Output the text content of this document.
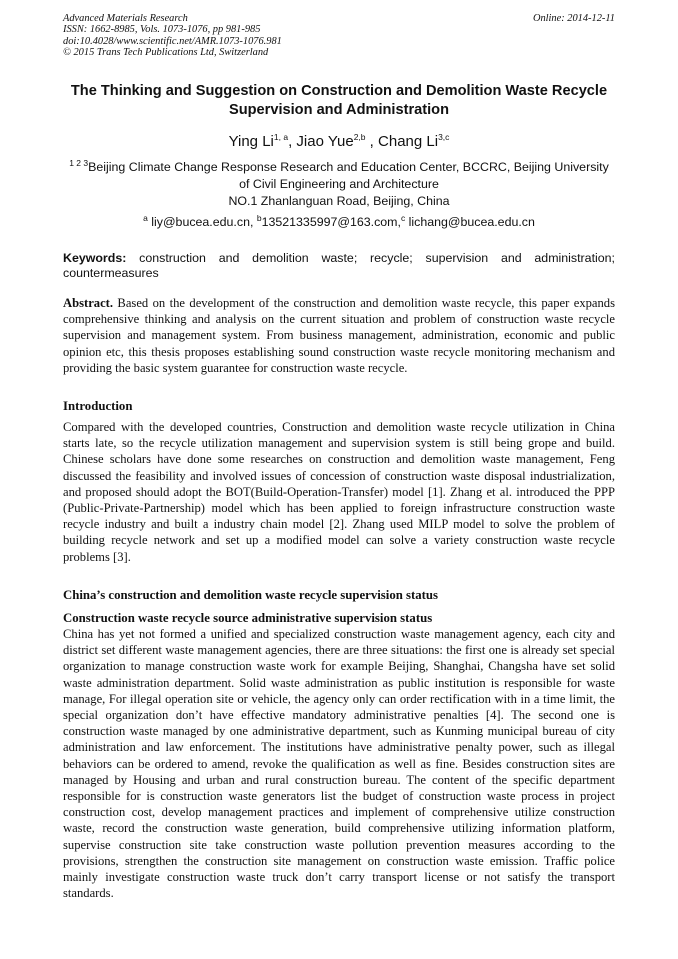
Advanced Materials Research
ISSN: 1662-8985, Vols. 1073-1076, pp 981-985
doi:10.4028/www.scientific.net/AMR.1073-1076.981
© 2015 Trans Tech Publications Ltd, Switzerland
Online: 2014-12-11
The Thinking and Suggestion on Construction and Demolition Waste Recycle Supervision and Administration
Ying Li$^{1, a}$, Jiao Yue$^{2,b}$ , Chang Li$^{3,c}$
$^{1 2 3}$Beijing Climate Change Response Research and Education Center, BCCRC, Beijing University of Civil Engineering and Architecture
NO.1 Zhanlanguan Road, Beijing, China
$^a$ liy@bucea.edu.cn, $^b$13521335997@163.com,$^c$ lichang@bucea.edu.cn
Keywords: construction and demolition waste; recycle; supervision and administration; countermeasures
Abstract. Based on the development of the construction and demolition waste recycle, this paper expands comprehensive thinking and analysis on the current situation and problem of construction waste recycle supervision and management system. From business management, administration, economic and public opinion etc, this thesis proposes establishing sound construction waste recycle monitoring mechanism and providing the basic system guarantee for construction waste recycle.
Introduction
Compared with the developed countries, Construction and demolition waste recycle utilization in China starts late, so the recycle utilization management and supervision system is still being grope and build. Chinese scholars have done some researches on construction and demolition waste management, Feng discussed the feasibility and involved issues of concession of construction waste disposal industrialization, and proposed should adopt the BOT(Build-Operation-Transfer) model [1]. Zhang et al. introduced the PPP (Public-Private-Partnership) model which has been applied to foreign infrastructure construction waste recycle industry and built a industry chain model [2]. Zhang used MILP model to solve the problem of building recycle network and set up a modified model can solve a variety construction waste recycle problems [3].
China’s construction and demolition waste recycle supervision status
Construction waste recycle source administrative supervision status
China has yet not formed a unified and specialized construction waste management agency, each city and district set different waste management agencies, there are three situations: the first one is already set special organization to manage construction waste work for example Beijing, Shanghai, Changsha have set solid waste administration department. Solid waste administration as public institution is responsible for waste manage, For illegal operation site or vehicle, the agency only can order rectification with in a time limit, the special organization don’t have effective mandatory administrative penalties [4]. The second one is construction waste managed by one administrative department, such as Kunming municipal bureau of city administration and law enforcement. The institutions have administrative penalty power, such as illegal behaviors can be ordered to amend, revoke the qualification as well as fine. Besides construction sites are managed by Housing and urban and rural construction bureau. The content of the specific department responsible for is construction waste generators list the budget of construction waste process in project construction cost, develop management practices and implement of comprehensive utilize construction waste, record the construction waste generation, build comprehensive utilizing information platform, supervise construction site take construction waste pollution prevention measures according to the provisions, strengthen the construction site management on construction waste emission. Traffic police mainly investigate construction waste truck don’t carry transport license or not satisfy the transport standards.
